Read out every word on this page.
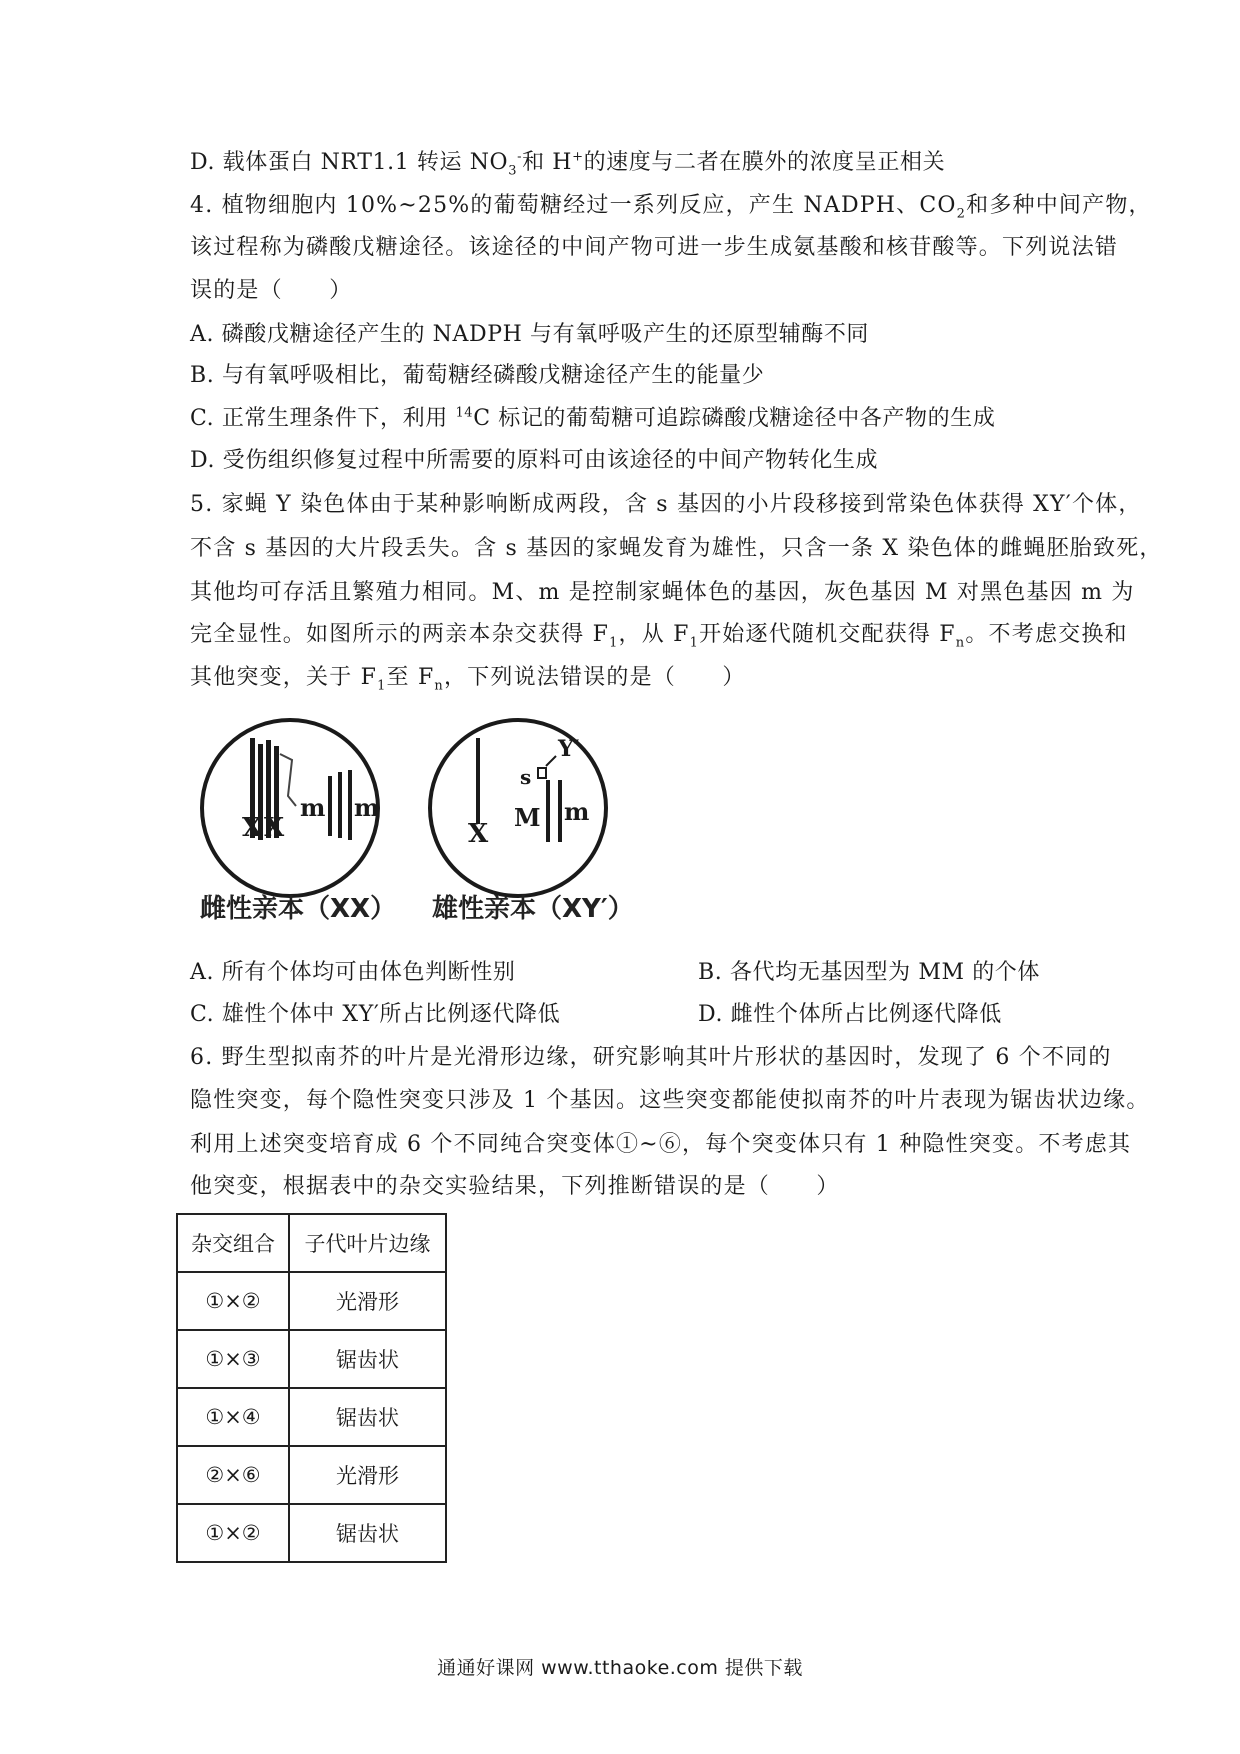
D. 载体蛋白 NRT1.1 转运 $NO_3^-$和 H+的速度与二者在膜外的浓度呈正相关
4. 植物细胞内 10%~25%的葡萄糖经过一系列反应，产生 NADPH、$CO_2$和多种中间产物，
该过程称为磷酸戊糖途径。该途径的中间产物可进一步生成氨基酸和核苷酸等。下列说法错
误的是（　　）
A. 磷酸戊糖途径产生的 NADPH 与有氧呼吸产生的还原型辅酶不同
B. 与有氧呼吸相比，葡萄糖经磷酸戊糖途径产生的能量少
C. 正常生理条件下，利用 $^{14}$C 标记的葡萄糖可追踪磷酸戊糖途径中各产物的生成
D. 受伤组织修复过程中所需要的原料可由该途径的中间产物转化生成
5. 家蝇 Y 染色体由于某种影响断成两段，含 s 基因的小片段移接到常染色体获得 XY′个体，
不含 s 基因的大片段丢失。含 s 基因的家蝇发育为雄性，只含一条 X 染色体的雌蝇胚胎致死，
其他均可存活且繁殖力相同。M、m 是控制家蝇体色的基因，灰色基因 M 对黑色基因 m 为
完全显性。如图所示的两亲本杂交获得 $F_1$，从 $F_1$开始逐代随机交配获得 $F_n$。不考虑交换和
其他突变，关于 $F_1$至 $F_n$，下列说法错误的是（　　）
X X
m m
X
s
Y′
M m
雌性亲本（XX） 雄性亲本（XY′）
A. 所有个体均可由体色判断性别	B. 各代均无基因型为 MM 的个体
C. 雄性个体中 XY′所占比例逐代降低	D. 雌性个体所占比例逐代降低
6. 野生型拟南芥的叶片是光滑形边缘，研究影响其叶片形状的基因时，发现了 6 个不同的
隐性突变，每个隐性突变只涉及 1 个基因。这些突变都能使拟南芥的叶片表现为锯齿状边缘。
利用上述突变培育成 6 个不同纯合突变体①~⑥，每个突变体只有 1 种隐性突变。不考虑其
他突变，根据表中的杂交实验结果，下列推断错误的是（　　）
杂交组合	子代叶片边缘
①×②	光滑形
①×③	锯齿状
①×④	锯齿状
②×⑥	光滑形
①×②	锯齿状
通通好课网 www.tthaoke.com 提供下载
